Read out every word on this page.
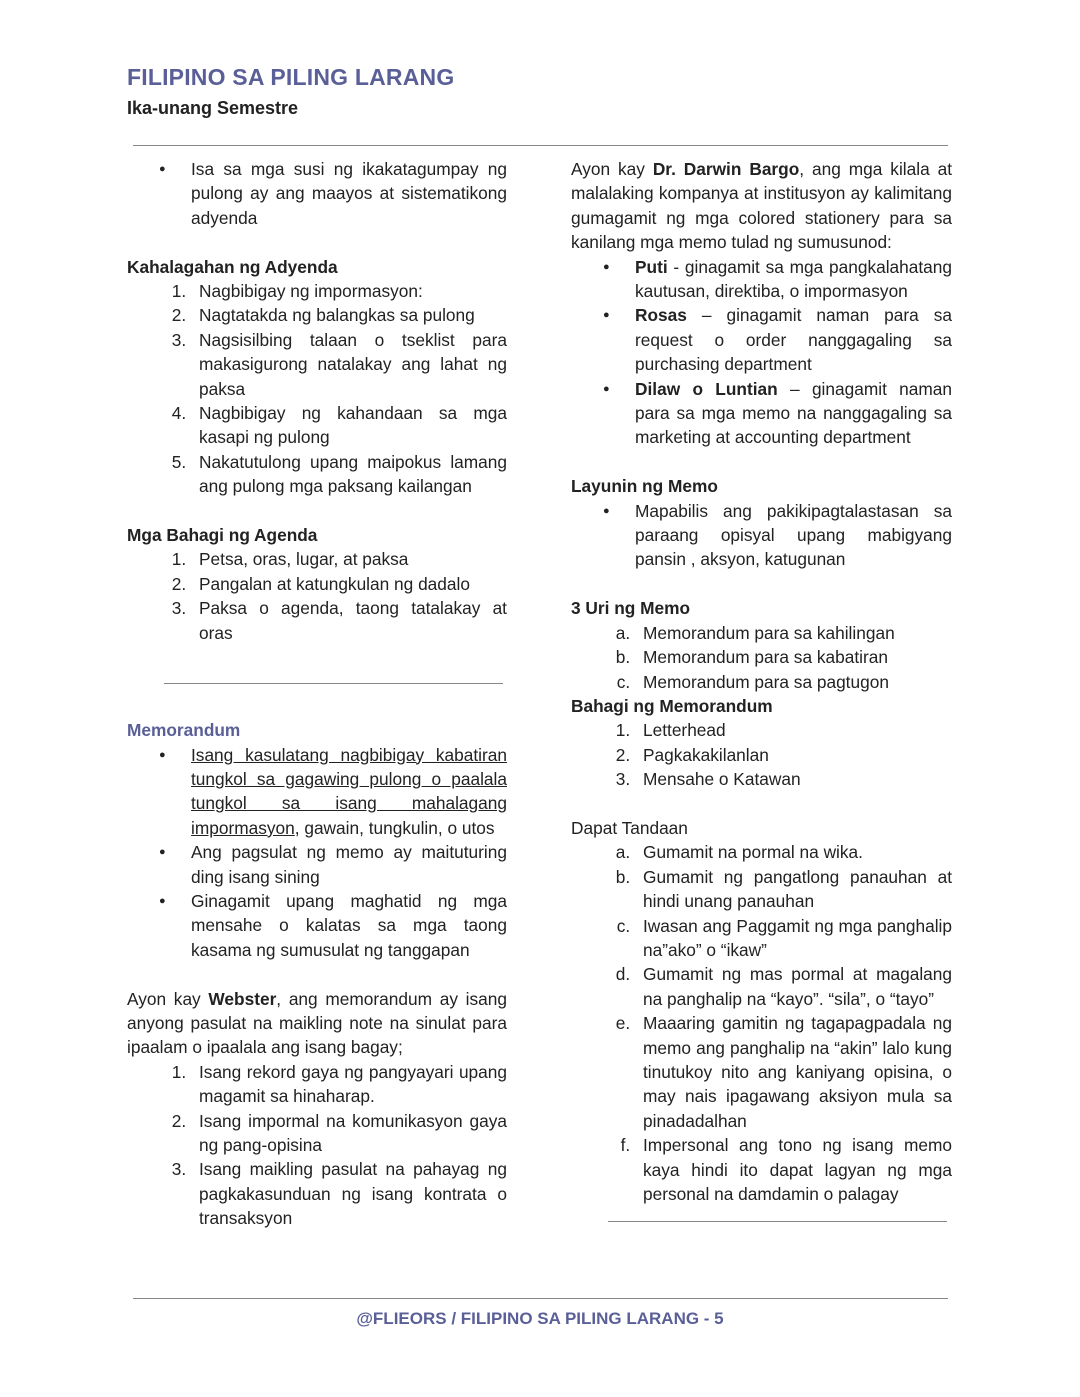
FILIPINO SA PILING LARANG
Ika-unang Semestre
● Isa sa mga susi ng ikakatagumpay ng pulong ay ang maayos at sistematikong adyenda
Kahalagahan ng Adyenda
1. Nagbibigay ng impormasyon:
2. Nagtatakda ng balangkas sa pulong
3. Nagsisilbing talaan o tseklist para makasigurong natalakay ang lahat ng paksa
4. Nagbibigay ng kahandaan sa mga kasapi ng pulong
5. Nakatutulong upang maipokus lamang ang pulong mga paksang kailangan
Mga Bahagi ng Agenda
1. Petsa, oras, lugar, at paksa
2. Pangalan at katungkulan ng dadalo
3. Paksa o agenda, taong tatalakay at oras
Memorandum
● Isang kasulatang nagbibigay kabatiran tungkol sa gagawing pulong o paalala tungkol sa isang mahalagang impormasyon, gawain, tungkulin, o utos
● Ang pagsulat ng memo ay maituturing ding isang sining
● Ginagamit upang maghatid ng mga mensahe o kalatas sa mga taong kasama ng sumusulat ng tanggapan
Ayon kay Webster, ang memorandum ay isang anyong pasulat na maikling note na sinulat para ipaalam o ipaalala ang isang bagay;
1. Isang rekord gaya ng pangyayari upang magamit sa hinaharap.
2. Isang impormal na komunikasyon gaya ng pang-opisina
3. Isang maikling pasulat na pahayag ng pagkakasunduan ng isang kontrata o transaksyon
Ayon kay Dr. Darwin Bargo, ang mga kilala at malalaking kompanya at institusyon ay kalimitang gumagamit ng mga colored stationery para sa kanilang mga memo tulad ng sumusunod:
● Puti - ginagamit sa mga pangkalahatang kautusan, direktiba, o impormasyon
● Rosas – ginagamit naman para sa request o order nanggagaling sa purchasing department
● Dilaw o Luntian – ginagamit naman para sa mga memo na nanggagaling sa marketing at accounting department
Layunin ng Memo
● Mapabilis ang pakikipagtalastasan sa paraang opisyal upang mabigyang pansin , aksyon, katugunan
3 Uri ng Memo
a. Memorandum para sa kahilingan
b. Memorandum para sa kabatiran
c. Memorandum para sa pagtugon
Bahagi ng Memorandum
1. Letterhead
2. Pagkakakilanlan
3. Mensahe o Katawan
Dapat Tandaan
a. Gumamit na pormal na wika.
b. Gumamit ng pangatlong panauhan at hindi unang panauhan
c. Iwasan ang Paggamit ng mga panghalip na”ako” o “ikaw”
d. Gumamit ng mas pormal at magalang na panghalip na “kayo”. “sila”, o “tayo”
e. Maaaring gamitin ng tagapagpadala ng memo ang panghalip na “akin” lalo kung tinutukoy nito ang kaniyang opisina, o may nais ipagawang aksiyon mula sa pinadadalhan
f. Impersonal ang tono ng isang memo kaya hindi ito dapat lagyan ng mga personal na damdamin o palagay
@FLIEORS / FILIPINO SA PILING LARANG - 5
